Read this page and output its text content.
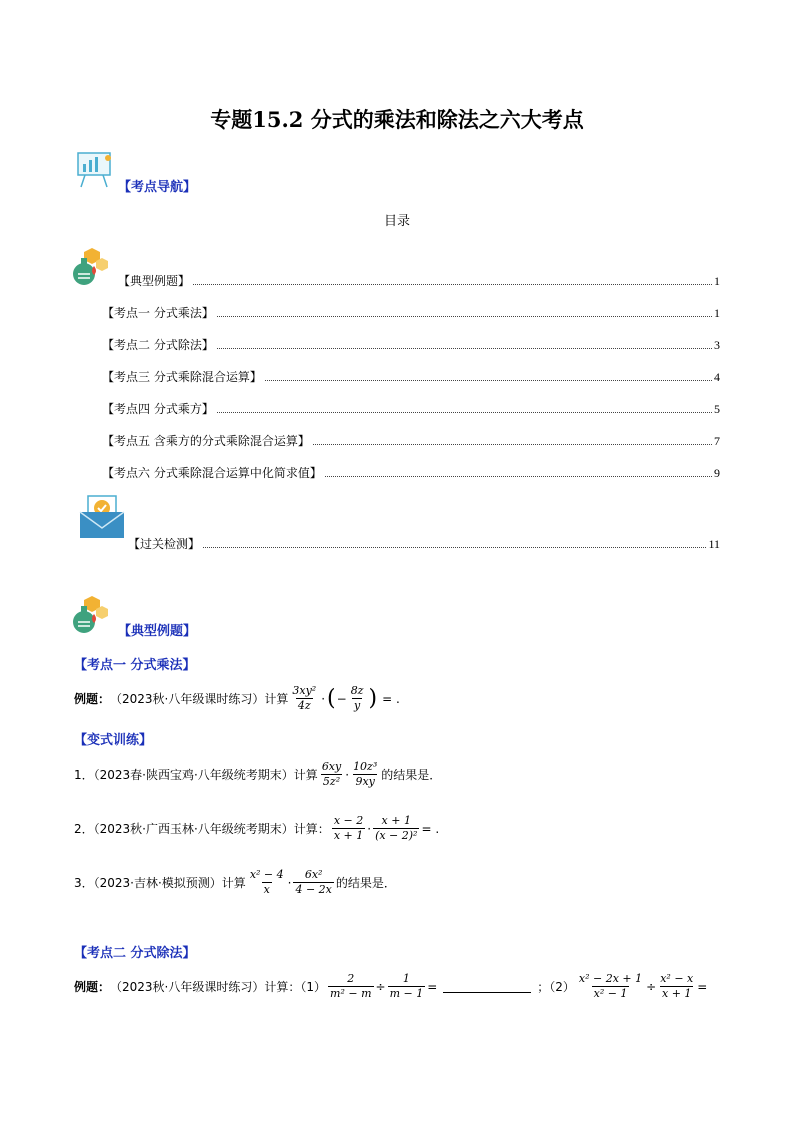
专题15.2 分式的乘法和除法之六大考点
【考点导航】
目录
【典型例题】	1
【考点一 分式乘法】	1
【考点二 分式除法】	3
【考点三 分式乘除混合运算】	4
【考点四 分式乘方】	5
【考点五 含乘方的分式乘除混合运算】	7
【考点六 分式乘除混合运算中化简求值】	9
【过关检测】	11
【典型例题】
【考点一 分式乘法】
例题： （2023秋·八年级课时练习）计算 $\frac{\text{3xy²}}{4z}$ · ( − $\frac{8z}{y}$ ) = .
【变式训练】
1．（2023春·陕西宝鸡·八年级统考期末）计算 $\frac{6xy}{\text{5z²}} \cdot \frac{\text{10z³}}{9xy}$ 的结果是 ．
2．（2023秋·广西玉林·八年级统考期末）计算： $\frac{x - 2}{x + 1} \cdot \frac{x + 1}{\text{(x − 2)²}}$ = .
3．（2023·吉林·模拟预测）计算 $\frac{\text{x² − 4}}{x} \cdot \frac{\text{6x²}}{4 - 2x}$ 的结果是 ．
【考点二 分式除法】
例题： （2023秋·八年级课时练习）计算：$(1) \frac{2}{\text{m² − m}} \div \frac{1}{m - 1}$ =	；$(2) \frac{\text{x² − 2x + 1}}{\text{x² − 1}} \div \frac{\text{x² − x}}{x + 1}$ =
